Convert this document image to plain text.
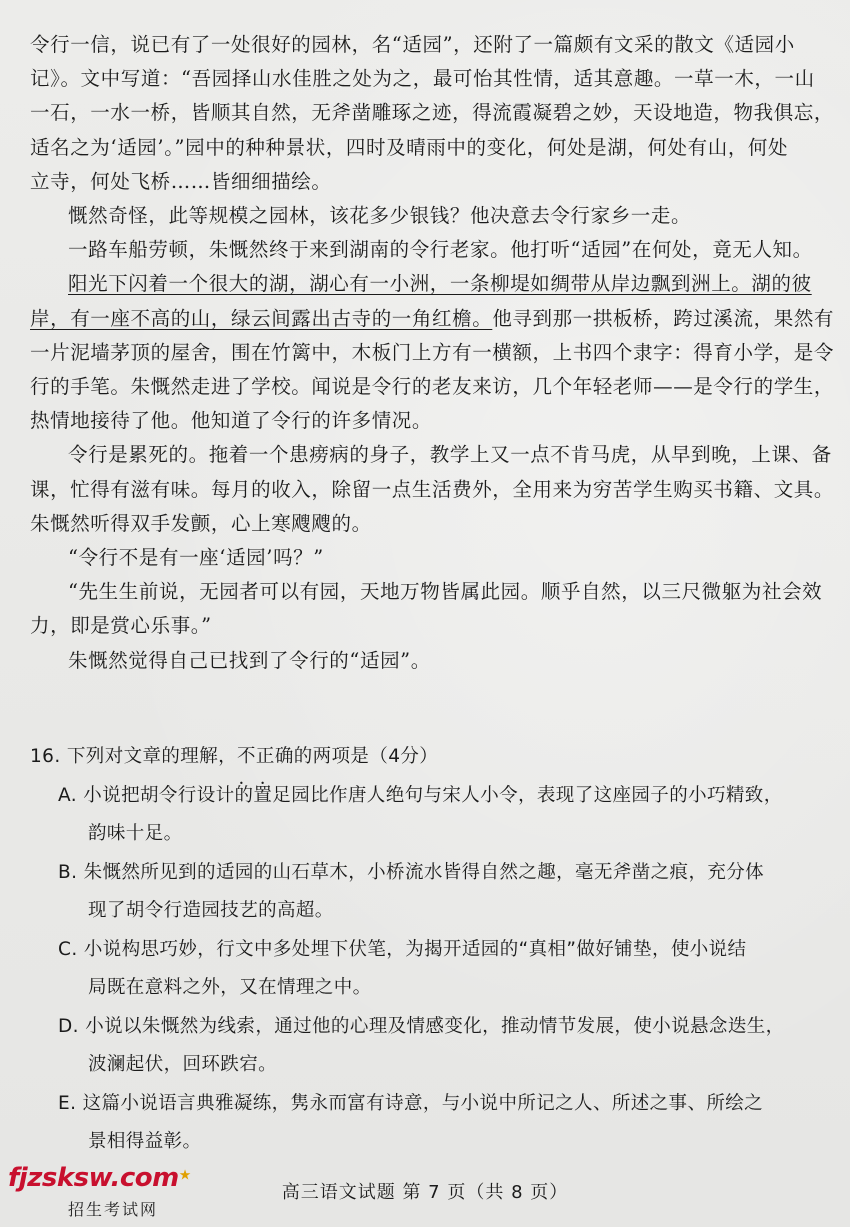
令行一信，说已有了一处很好的园林，名“适园”，还附了一篇颇有文采的散文《适园小
记》。文中写道：“吾园择山水佳胜之处为之，最可怡其性情，适其意趣。一草一木，一山
一石，一水一桥，皆顺其自然，无斧凿雕琢之迹，得流霞凝碧之妙，天设地造，物我俱忘，
适名之为‘适园’。”园中的种种景状，四时及晴雨中的变化，何处是湖，何处有山，何处
立寺，何处飞桥……皆细细描绘。
慨然奇怪，此等规模之园林，该花多少银钱？他决意去令行家乡一走。
一路车船劳顿，朱慨然终于来到湖南的令行老家。他打听“适园”在何处，竟无人知。
阳光下闪着一个很大的湖，湖心有一小洲，一条柳堤如绸带从岸边飘到洲上。湖的彼
岸，有一座不高的山，绿云间露出古寺的一角红檐。他寻到那一拱板桥，跨过溪流，果然有
一片泥墙茅顶的屋舍，围在竹篱中，木板门上方有一横额，上书四个隶字：得育小学，是令
行的手笔。朱慨然走进了学校。闻说是令行的老友来访，几个年轻老师——是令行的学生，
热情地接待了他。他知道了令行的许多情况。
令行是累死的。拖着一个患痨病的身子，教学上又一点不肯马虎，从早到晚，上课、备
课，忙得有滋有味。每月的收入，除留一点生活费外，全用来为穷苦学生购买书籍、文具。
朱慨然听得双手发颤，心上寒飕飕的。
“令行不是有一座‘适园’吗？”
“先生生前说，无园者可以有园，天地万物皆属此园。顺乎自然，以三尺微躯为社会效
力，即是赏心乐事。”
朱慨然觉得自己已找到了令行的“适园”。
16. 下列对文章的理解，不正确 • •的两项是（4分）
A. 小说把胡令行设计的置足园比作唐人绝句与宋人小令，表现了这座园子的小巧精致，
韵味十足。
B. 朱慨然所见到的适园的山石草木，小桥流水皆得自然之趣，毫无斧凿之痕，充分体
现了胡令行造园技艺的高超。
C. 小说构思巧妙，行文中多处埋下伏笔，为揭开适园的“真相”做好铺垫，使小说结
局既在意料之外，又在情理之中。
D. 小说以朱慨然为线索，通过他的心理及情感变化，推动情节发展，使小说悬念迭生，
波澜起伏，回环跌宕。
E. 这篇小说语言典雅凝练，隽永而富有诗意，与小说中所记之人、所述之事、所绘之
景相得益彰。
fjzsksw.com★
招生考试网
高三语文试题 第 7 页（共 8 页）
